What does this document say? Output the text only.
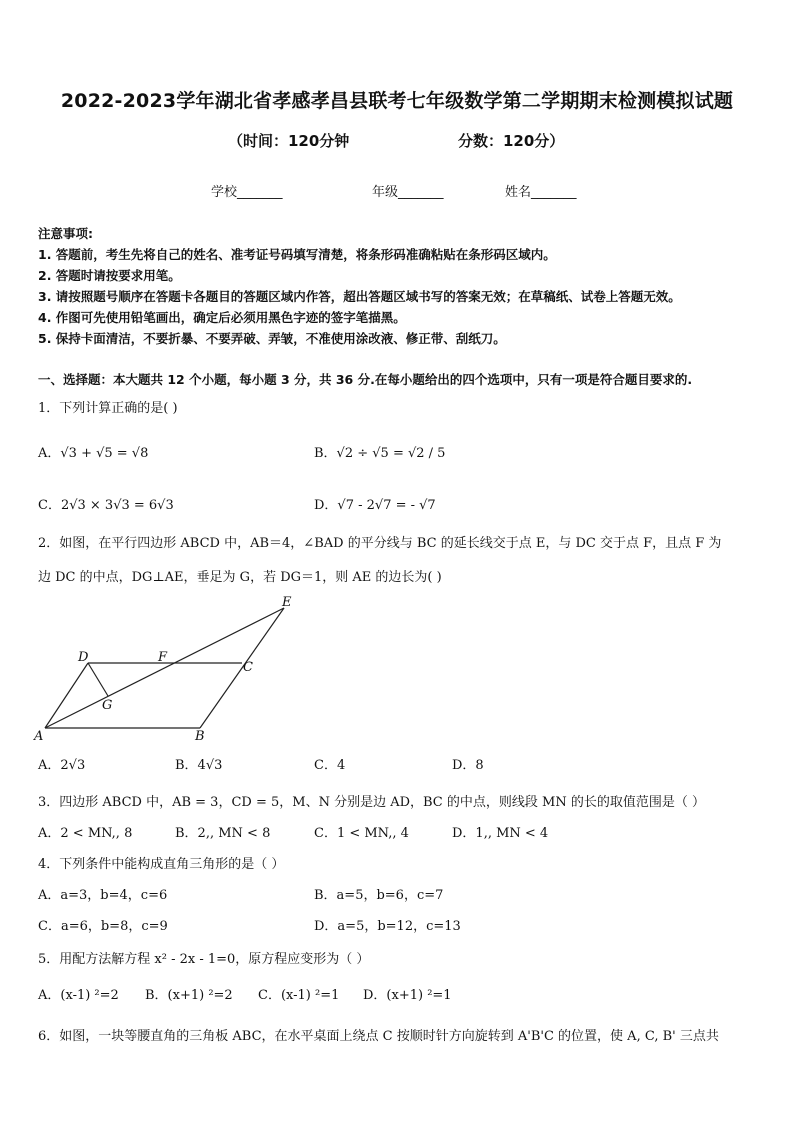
2022-2023学年湖北省孝感孝昌县联考七年级数学第二学期期末检测模拟试题
（时间：120分钟	分数：120分）
学校_______	年级_______	姓名_______
注意事项:
1. 答题前，考生先将自己的姓名、准考证号码填写清楚，将条形码准确粘贴在条形码区域内。
2. 答题时请按要求用笔。
3. 请按照题号顺序在答题卡各题目的答题区域内作答，超出答题区域书写的答案无效；在草稿纸、试卷上答题无效。
4. 作图可先使用铅笔画出，确定后必须用黑色字迹的签字笔描黑。
5. 保持卡面清洁，不要折暴、不要弄破、弄皱，不准使用涂改液、修正带、刮纸刀。
一、选择题：本大题共 12 个小题，每小题 3 分，共 36 分.在每小题给出的四个选项中，只有一项是符合题目要求的.
1．下列计算正确的是( )
A．√3 + √5 = √8	B．√2 ÷ √5 = √2 / 5
C．2√3 × 3√3 = 6√3	D．√7 - 2√7 = - √7
2．如图，在平行四边形 ABCD 中，AB＝4，∠BAD 的平分线与 BC 的延长线交于点 E，与 DC 交于点 F，且点 F 为
边 DC 的中点，DG⊥AE，垂足为 G，若 DG＝1，则 AE 的边长为( )
A	B
C
D
E
F
G
A．2√3	B．4√3	C．4	D．8
3．四边形 ABCD 中，AB = 3，CD = 5，M、N 分别是边 AD，BC 的中点，则线段 MN 的长的取值范围是（ ）
A．2 < MN,, 8	B．2,, MN < 8	C．1 < MN,, 4	D．1,, MN < 4
4．下列条件中能构成直角三角形的是（ ）
A．a=3，b=4，c=6	B．a=5，b=6，c=7
C．a=6，b=8，c=9	D．a=5，b=12，c=13
5．用配方法解方程 x² - 2x - 1=0，原方程应变形为（ ）
A．(x-1) ²=2 B．(x+1) ²=2 C．(x-1) ²=1 D．(x+1) ²=1
6．如图，一块等腰直角的三角板 ABC，在水平桌面上绕点 C 按顺时针方向旋转到 A'B'C 的位置，使 A, C, B' 三点共
